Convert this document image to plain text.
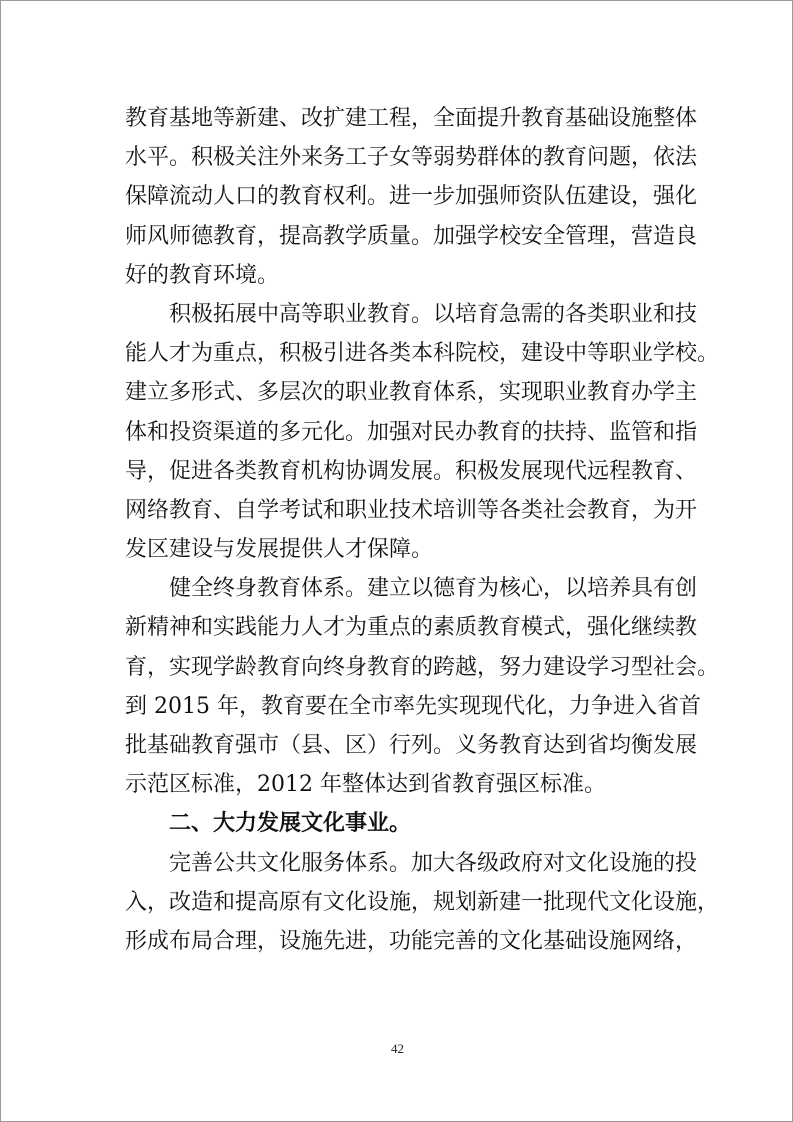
教育基地等新建、改扩建工程，全面提升教育基础设施整体
水平。积极关注外来务工子女等弱势群体的教育问题，依法
保障流动人口的教育权利。进一步加强师资队伍建设，强化
师风师德教育，提高教学质量。加强学校安全管理，营造良
好的教育环境。
积极拓展中高等职业教育。以培育急需的各类职业和技
能人才为重点，积极引进各类本科院校，建设中等职业学校。
建立多形式、多层次的职业教育体系，实现职业教育办学主
体和投资渠道的多元化。加强对民办教育的扶持、监管和指
导，促进各类教育机构协调发展。积极发展现代远程教育、
网络教育、自学考试和职业技术培训等各类社会教育，为开
发区建设与发展提供人才保障。
健全终身教育体系。建立以德育为核心，以培养具有创
新精神和实践能力人才为重点的素质教育模式，强化继续教
育，实现学龄教育向终身教育的跨越，努力建设学习型社会。
到 2015 年，教育要在全市率先实现现代化，力争进入省首
批基础教育强市（县、区）行列。义务教育达到省均衡发展
示范区标准，2012 年整体达到省教育强区标准。
二、大力发展文化事业。
完善公共文化服务体系。加大各级政府对文化设施的投
入，改造和提高原有文化设施，规划新建一批现代文化设施，
形成布局合理，设施先进，功能完善的文化基础设施网络，
42
